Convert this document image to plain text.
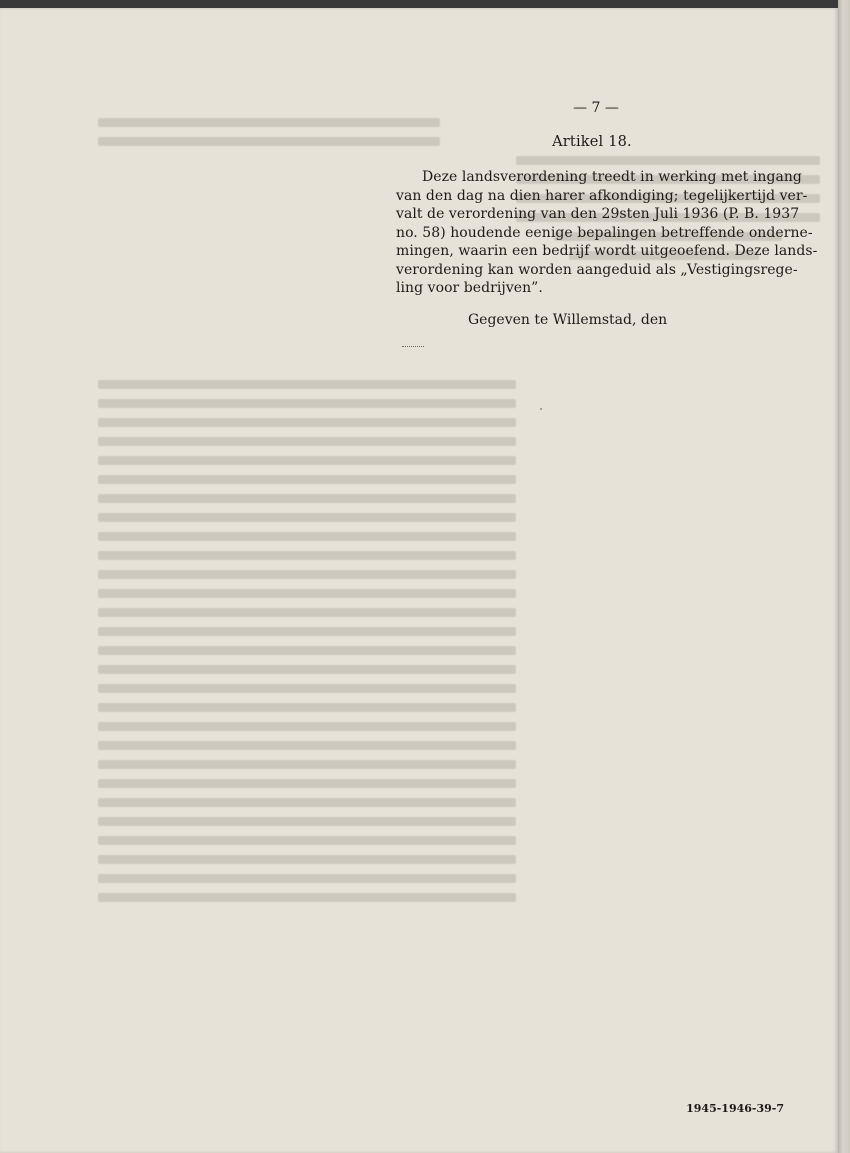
— 7 —
Artikel 18.
Deze landsverordening treedt in werking met ingang
van den dag na dien harer afkondiging; tegelijkertijd ver-
valt de verordening van den 29sten Juli 1936 (P. B. 1937
no. 58) houdende eenige bepalingen betreffende onderne-
mingen, waarin een bedrijf wordt uitgeoefend. Deze lands-
verordening kan worden aangeduid als „Vestigingsrege-
ling voor bedrijven”.
Gegeven te Willemstad, den
1945-1946-39-7
